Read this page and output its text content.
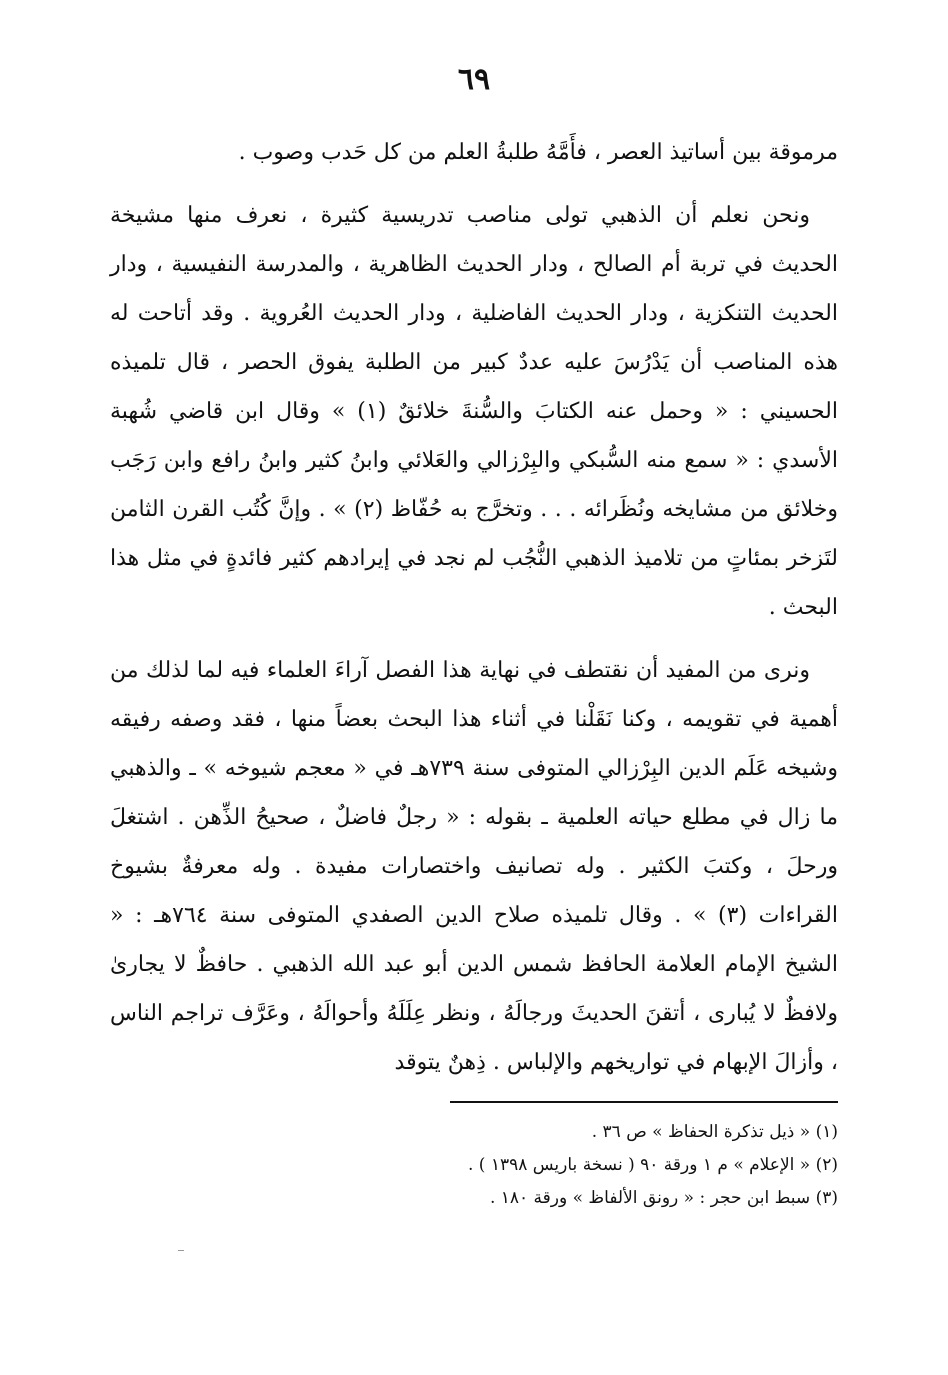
٦٩

مرموقة بين أساتيذ العصر ، فأَمَّهُ طلبةُ العلم من كل حَدب وصوب .

ونحن نعلم أن الذهبي تولى مناصب تدريسية كثيرة ، نعرف منها مشيخة الحديث في تربة أم الصالح ، ودار الحديث الظاهرية ، والمدرسة النفيسية ، ودار الحديث التنكزية ، ودار الحديث الفاضلية ، ودار الحديث العُروية . وقد أتاحت له هذه المناصب أن يَدْرُسَ عليه عددٌ كبير من الطلبة يفوق الحصر ، قال تلميذه الحسيني : « وحمل عنه الكتابَ والسُّنةَ خلائقٌ (١) » وقال ابن قاضي شُهبة الأسدي : « سمع منه السُّبكي والبِرْزالي والعَلائي وابنُ كثير وابنُ رافع وابن رَجَب وخلائق من مشايخه ونُظَرائه . . . وتخرَّج به حُفّاظ (٢) » . وإنَّ كُتُب القرن الثامن لتَزخر بمئاتٍ من تلاميذ الذهبي النُّجُب لم نجد في إيرادهم كثير فائدةٍ في مثل هذا البحث .

ونرى من المفيد أن نقتطف في نهاية هذا الفصل آراءَ العلماء فيه لما لذلك من أهمية في تقويمه ، وكنا نَقَلْنا في أثناء هذا البحث بعضاً منها ، فقد وصفه رفيقه وشيخه عَلَم الدين البِرْزالي المتوفى سنة ٧٣٩هـ في « معجم شيوخه » ـ والذهبي ما زال في مطلع حياته العلمية ـ بقوله : « رجلٌ فاضلٌ ، صحيحُ الذِّهن . اشتغلَ ورحلَ ، وكتبَ الكثير . وله تصانيف واختصارات مفيدة . وله معرفةٌ بشيوخ القراءات (٣) » . وقال تلميذه صلاح الدين الصفدي المتوفى سنة ٧٦٤هـ : « الشيخ الإمام العلامة الحافظ شمس الدين أبو عبد الله الذهبي . حافظٌ لا يجارىٰ ولافظٌ لا يُبارى ، أتقنَ الحديثَ ورجالَهُ ، ونظر عِلَلَهُ وأحوالَهُ ، وعَرَّف تراجم الناس ، وأزالَ الإبهام في تواريخهم والإلباس . ذِهنٌ يتوقد

(١) « ذيل تذكرة الحفاظ » ص ٣٦ .
(٢) « الإعلام » م ١ ورقة ٩٠ ( نسخة باريس ١٣٩٨ ) .
(٣) سبط ابن حجر : « رونق الألفاظ » ورقة ١٨٠ .
